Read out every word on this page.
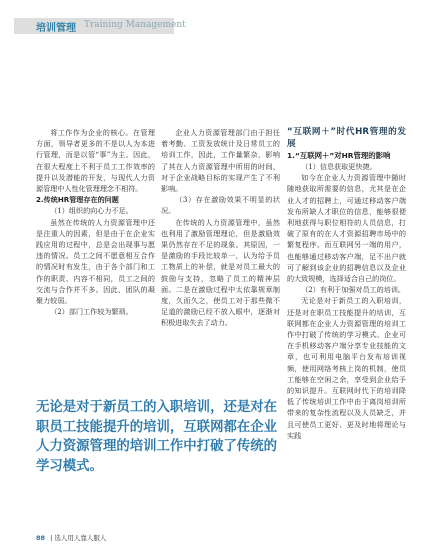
培训管理 Training Management

将工作作为企业的核心。在管理方面，领导者更多的不是以人为本进行管理，而是以管“事”为主。因此，在很大程度上不利于员工工作效率的提升以及潜能的开发，与现代人力资源管理中人性化管理理念不相符。

2.传统HR管理存在的问题

（1）组织的向心力不足。

虽然在传统的人力资源管理中还是注重人的因素，但是由于在企业实践应用的过程中，总是会出现事与愿违的情况。员工之间不愿意相互合作的情况时有发生，由于各个部门和工作的职责、内容不相同，员工之间的交流与合作并不多。因此，团队的凝聚力较弱。

（2）部门工作较为繁琐。

企业人力资源管理部门由于担任着考勤、工资发放统计及日常员工的培训工作，因此，工作量繁杂，影响了其在人力资源管理中所用的时间，对于企业战略目标的实现产生了不利影响。

（3）存在激励效果不明显的状况。

在传统的人力资源管理中，虽然也利用了激励管理理论，但是激励效果仍然存在不足的现象。其原因，一是激励的手段比较单一，认为给予员工物质上的补偿，就是对员工最大的鼓励与支持，忽略了员工的精神层面。二是在激励过程中太依靠规章制度，久而久之，使员工对于那些微不足道的激励已经不放入眼中，逐渐对积极进取失去了动力。

“互联网＋”时代HR管理的发展

1.“互联网＋”对HR管理的影响

（1）信息获取更快捷。

如今在企业人力资源管理中随时随地获取所需要的信息，尤其是在企业人才的招聘上，可通过移动客户端发布所缺人才职位的信息，能够很便利地获得与职位相符的人员信息，打破了原有的在人才资源招聘市场中的繁复程序。而互联网另一端的用户，也能够通过移动客户端，足不出户就可了解到该企业的招聘信息以及企业的大致规模，选择适合自己的岗位。

（2）有利于加强对员工的培训。

无论是对于新员工的入职培训，还是对在职员工技能提升的培训，互联网都在企业人力资源管理的培训工作中打破了传统的学习模式。企业可在手机移动客户端分享专业技能的文章，也可利用电脑平台发布培训视频，使用网络考核上岗的机制，使员工能够在空闲之余，享受到企业给予的知识提升。互联网时代下的培训降低了传统培训工作中由于离岗培训所带来的复杂性流程以及人员缺乏，并且可使员工更好、更及时地将理论与实践

无论是对于新员工的入职培训，还是对在职员工技能提升的培训，互联网都在企业人力资源管理的培训工作中打破了传统的学习模式。

88 | 选人用人靠人服人
